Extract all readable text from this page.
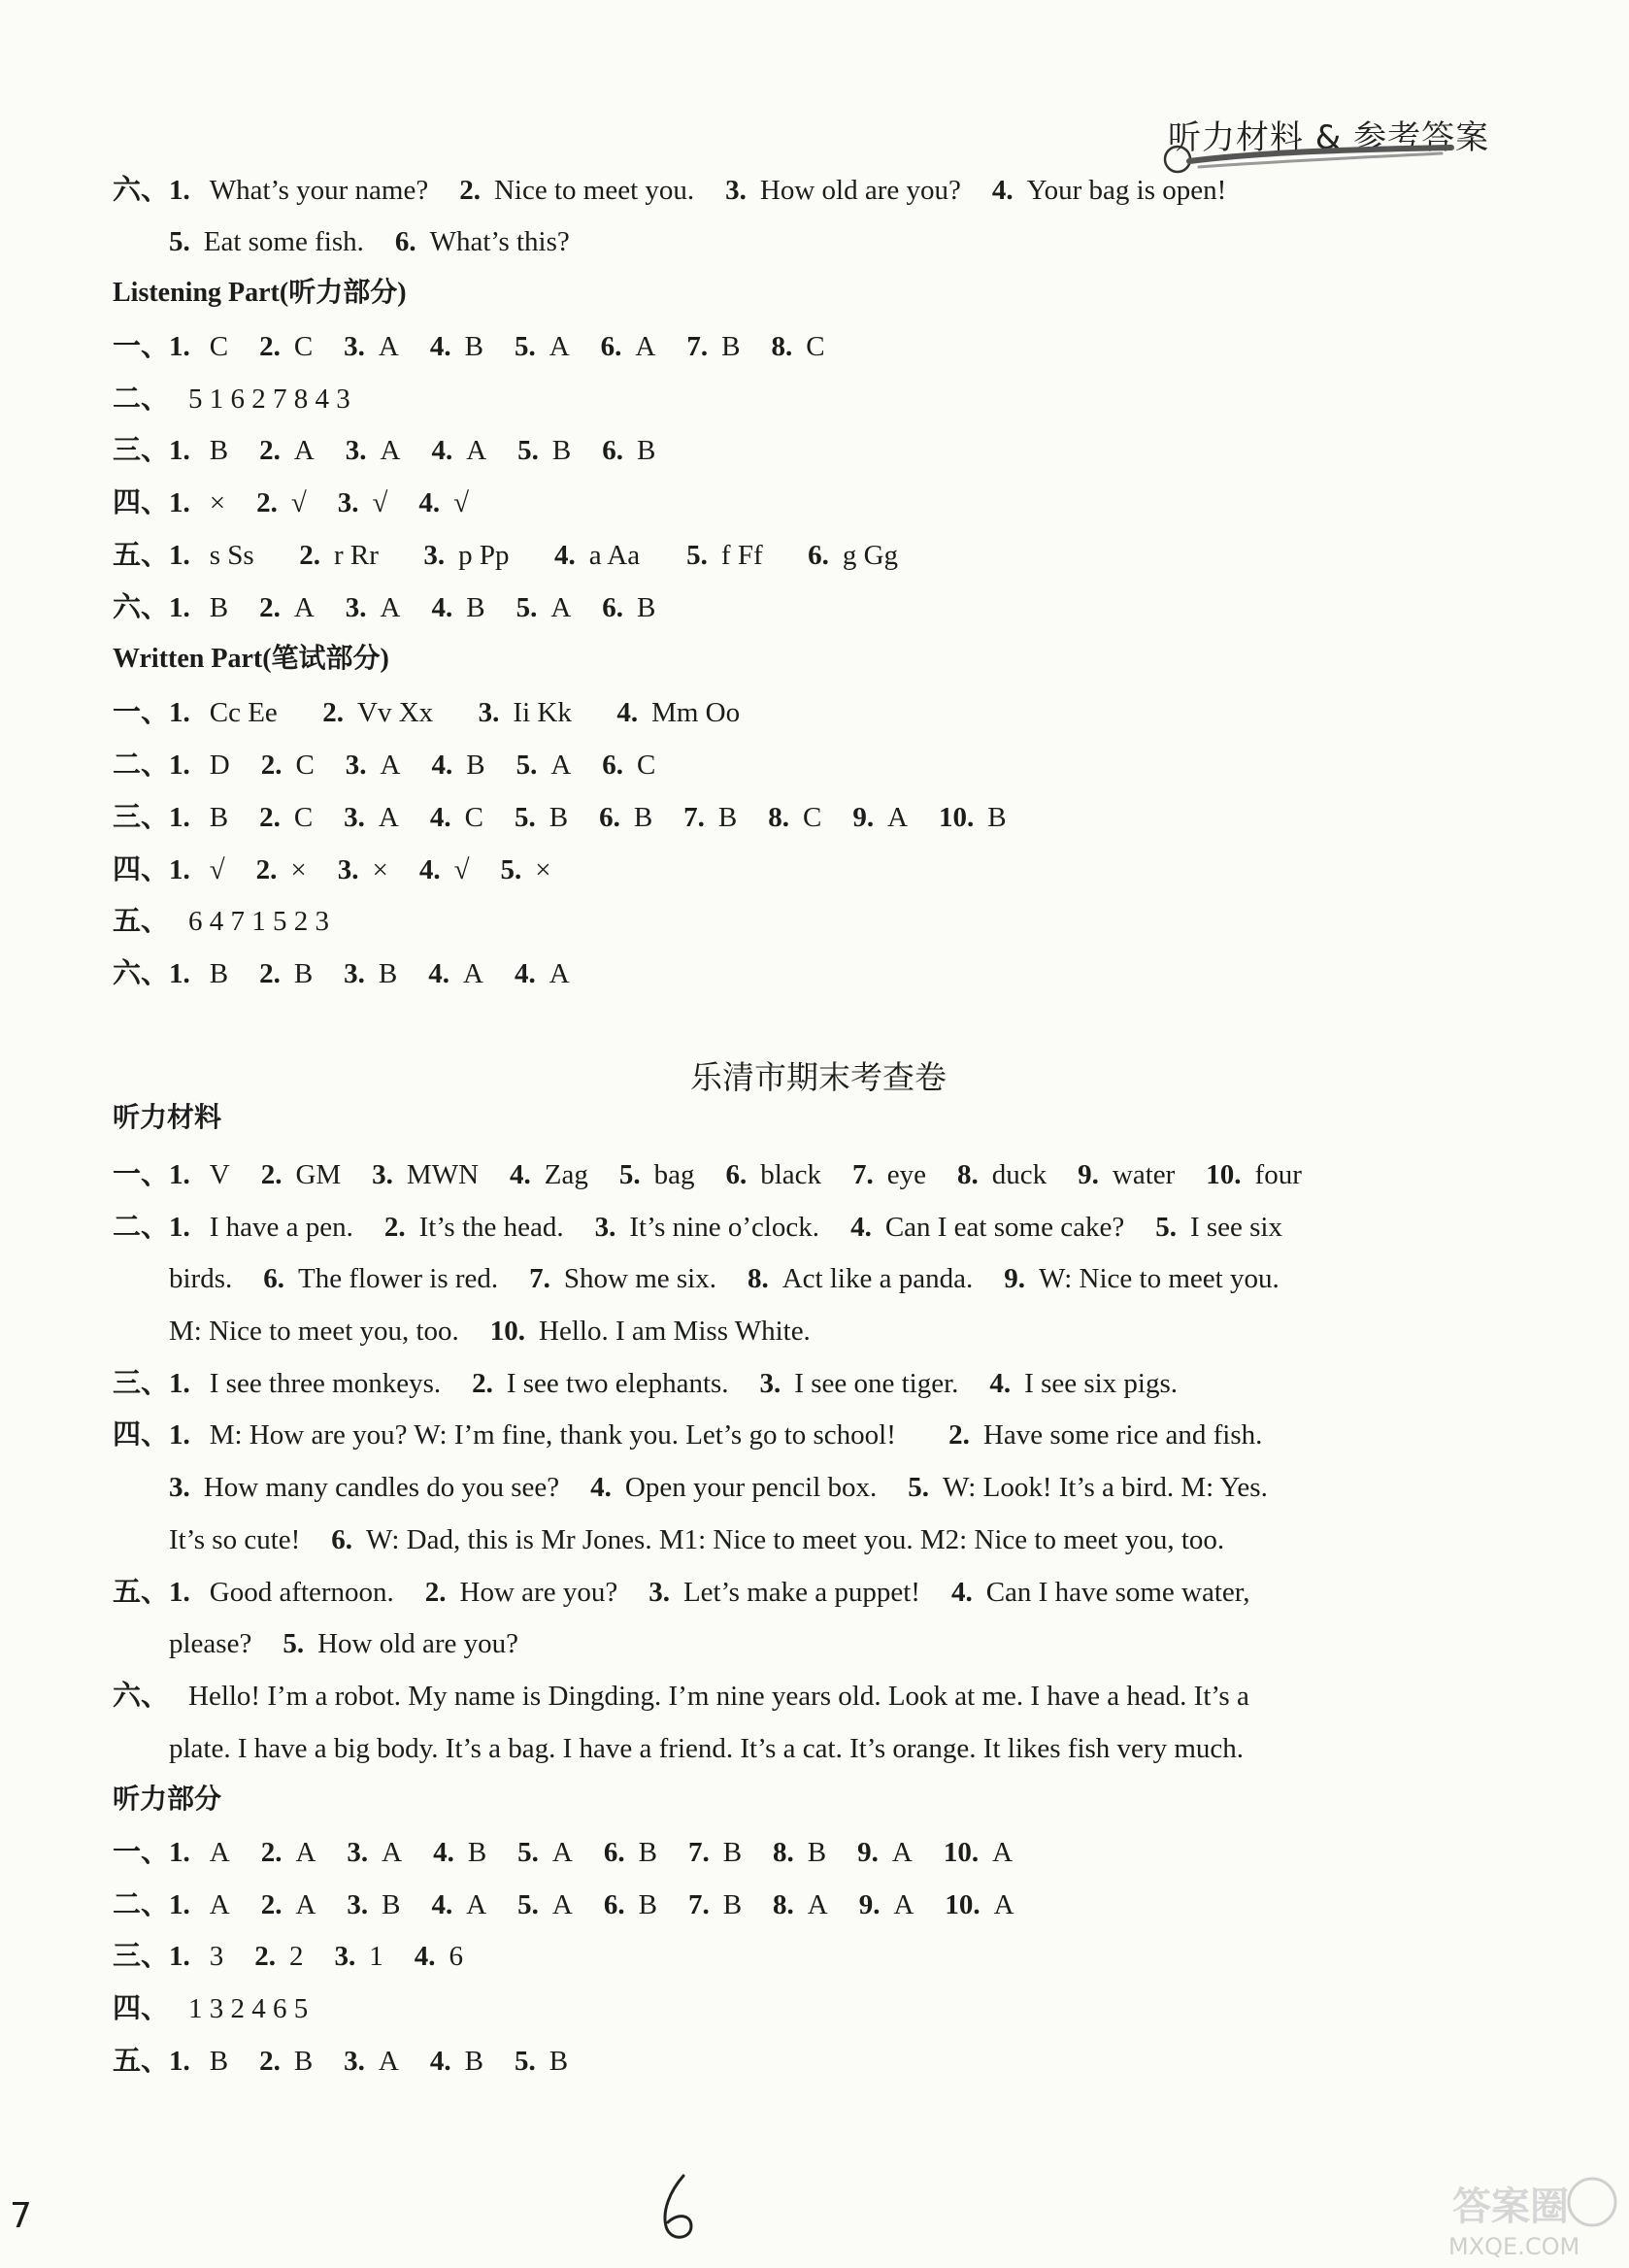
听力材料 & 参考答案
六、1. What’s your name? 2. Nice to meet you. 3. How old are you? 4. Your bag is open!
5. Eat some fish. 6. What’s this?
Listening Part(听力部分)
一、1. C 2. C 3. A 4. B 5. A 6. A 7. B 8. C
二、 5 1 6 2 7 8 4 3
三、1. B 2. A 3. A 4. A 5. B 6. B
四、1. × 2. √ 3. √ 4. √
五、1. s Ss 2. r Rr 3. p Pp 4. a Aa 5. f Ff 6. g Gg
六、1. B 2. A 3. A 4. B 5. A 6. B
Written Part(笔试部分)
一、1. Cc Ee 2. Vv Xx 3. Ii Kk 4. Mm Oo
二、1. D 2. C 3. A 4. B 5. A 6. C
三、1. B 2. C 3. A 4. C 5. B 6. B 7. B 8. C 9. A 10. B
四、1. √ 2. × 3. × 4. √ 5. ×
五、 6 4 7 1 5 2 3
六、1. B 2. B 3. B 4. A 4. A
听力材料
一、1. V 2. GM 3. MWN 4. Zag 5. bag 6. black 7. eye 8. duck 9. water 10. four
二、1. I have a pen. 2. It’s the head. 3. It’s nine o’clock. 4. Can I eat some cake? 5. I see six
birds. 6. The flower is red. 7. Show me six. 8. Act like a panda. 9. W: Nice to meet you.
M: Nice to meet you, too. 10. Hello. I am Miss White.
三、1. I see three monkeys. 2. I see two elephants. 3. I see one tiger. 4. I see six pigs.
四、1. M: How are you? W: I’m fine, thank you. Let’s go to school! 2. Have some rice and fish.
3. How many candles do you see? 4. Open your pencil box. 5. W: Look! It’s a bird. M: Yes.
It’s so cute! 6. W: Dad, this is Mr Jones. M1: Nice to meet you. M2: Nice to meet you, too.
五、1. Good afternoon. 2. How are you? 3. Let’s make a puppet! 4. Can I have some water,
please? 5. How old are you?
六、 Hello! I’m a robot. My name is Dingding. I’m nine years old. Look at me. I have a head. It’s a
plate. I have a big body. It’s a bag. I have a friend. It’s a cat. It’s orange. It likes fish very much.
听力部分
一、1. A 2. A 3. A 4. B 5. A 6. B 7. B 8. B 9. A 10. A
二、1. A 2. A 3. B 4. A 5. A 6. B 7. B 8. A 9. A 10. A
三、1. 3 2. 2 3. 1 4. 6
四、 1 3 2 4 6 5
五、1. B 2. B 3. A 4. B 5. B
乐清市期末考查卷
7	答案圈
MXQE.COM
